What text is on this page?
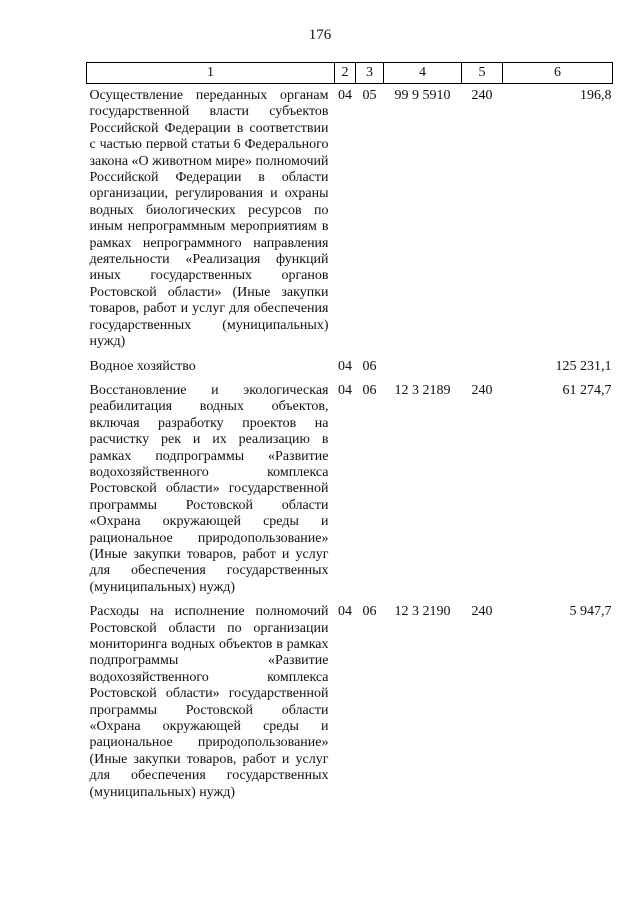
176
1	2	3	4	5	6
Осуществление переданных органам государственной власти субъектов Российской Федерации в соответствии с частью первой статьи 6 Федерального закона «О животном мире» полномочий Российской Федерации в области организации, регулирования и охраны водных биологических ресурсов по иным непрограммным мероприятиям в рамках непрограммного направления деятельности «Реализация функций иных государственных органов Ростовской области» (Иные закупки товаров, работ и услуг для обеспечения государственных (муниципальных) нужд)	04	05	99 9 5910	240	196,8
Водное хозяйство	04	06			125 231,1
Восстановление и экологическая реабилитация водных объектов, включая разработку проектов на расчистку рек и их реализацию в рамках подпрограммы «Развитие водохозяйственного комплекса Ростовской области» государственной программы Ростовской области «Охрана окружающей среды и рациональное природопользование» (Иные закупки товаров, работ и услуг для обеспечения государственных (муниципальных) нужд)	04	06	12 3 2189	240	61 274,7
Расходы на исполнение полномочий Ростовской области по организации мониторинга водных объектов в рамках подпрограммы «Развитие водохозяйственного комплекса Ростовской области» государственной программы Ростовской области «Охрана окружающей среды и рациональное природопользование» (Иные закупки товаров, работ и услуг для обеспечения государственных (муниципальных) нужд)	04	06	12 3 2190	240	5 947,7
